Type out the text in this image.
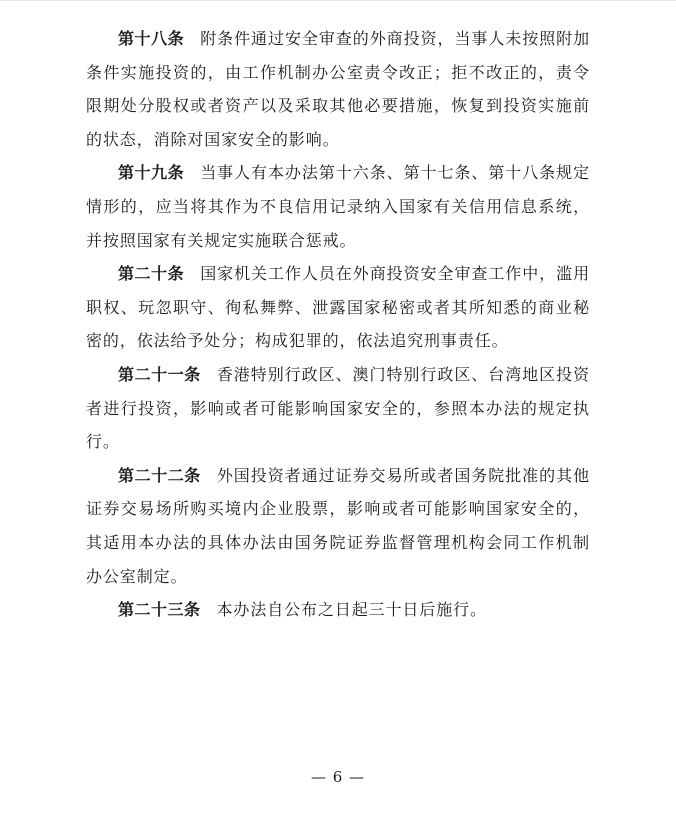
第十八条 附条件通过安全审查的外商投资，当事人未按照附加条件实施投资的，由工作机制办公室责令改正；拒不改正的，责令限期处分股权或者资产以及采取其他必要措施，恢复到投资实施前的状态，消除对国家安全的影响。

第十九条 当事人有本办法第十六条、第十七条、第十八条规定情形的，应当将其作为不良信用记录纳入国家有关信用信息系统，并按照国家有关规定实施联合惩戒。

第二十条 国家机关工作人员在外商投资安全审查工作中，滥用职权、玩忽职守、徇私舞弊、泄露国家秘密或者其所知悉的商业秘密的，依法给予处分；构成犯罪的，依法追究刑事责任。

第二十一条 香港特别行政区、澳门特别行政区、台湾地区投资者进行投资，影响或者可能影响国家安全的，参照本办法的规定执行。

第二十二条 外国投资者通过证券交易所或者国务院批准的其他证券交易场所购买境内企业股票，影响或者可能影响国家安全的，其适用本办法的具体办法由国务院证券监督管理机构会同工作机制办公室制定。

第二十三条 本办法自公布之日起三十日后施行。

— 6 —
